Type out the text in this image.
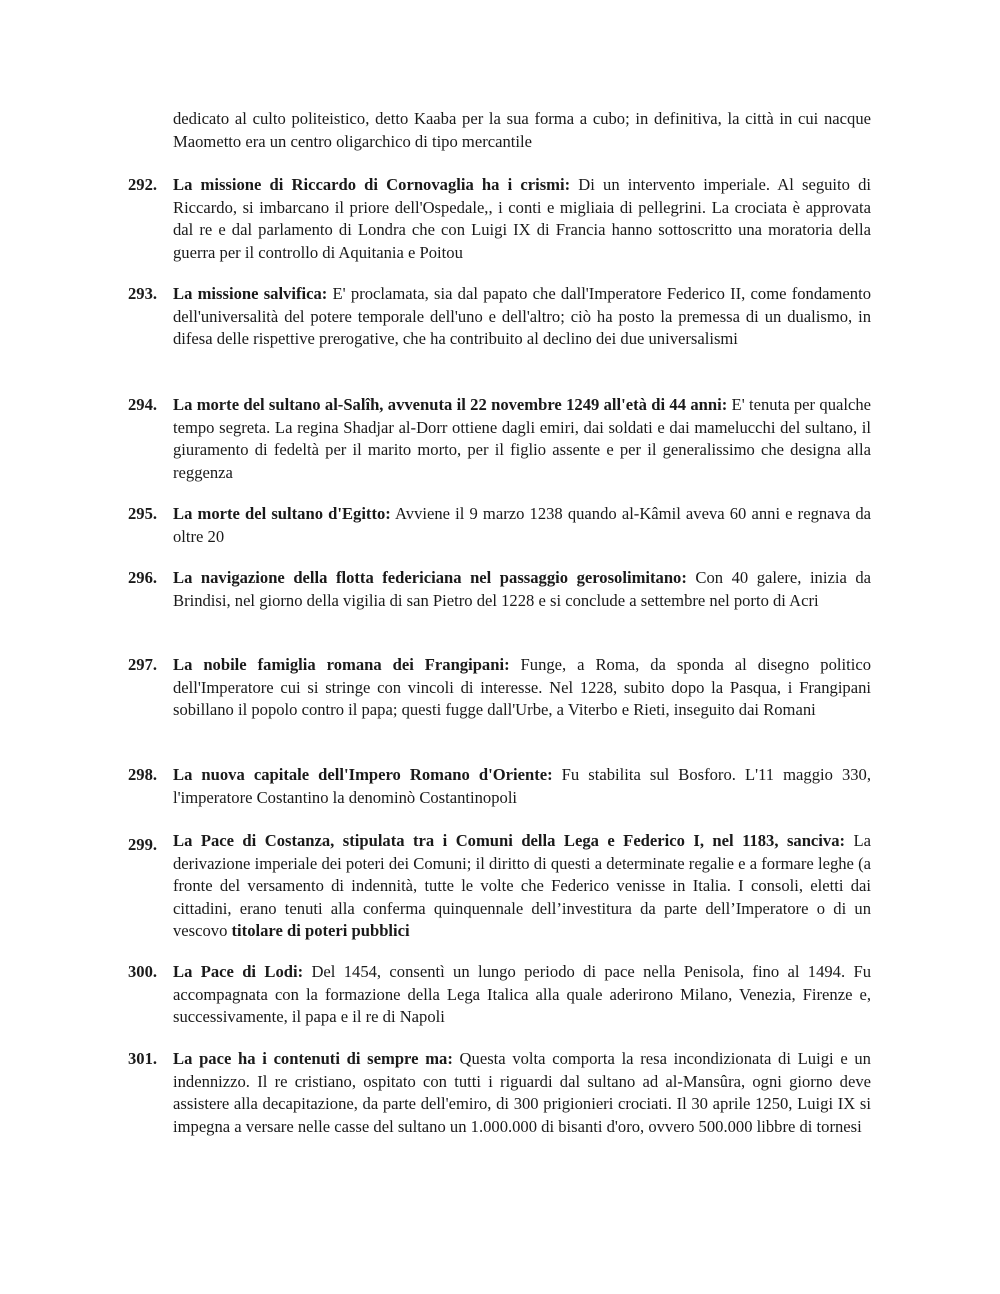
dedicato al culto politeistico, detto Kaaba per la sua forma a cubo; in definitiva, la città in cui nacque Maometto era un centro oligarchico di tipo mercantile
292. La missione di Riccardo di Cornovaglia ha i crismi: Di un intervento imperiale. Al seguito di Riccardo, si imbarcano il priore dell'Ospedale,, i conti e migliaia di pellegrini. La crociata è approvata dal re e dal parlamento di Londra che con Luigi IX di Francia hanno sottoscritto una moratoria della guerra per il controllo di Aquitania e Poitou
293. La missione salvifica: E' proclamata, sia dal papato che dall'Imperatore Federico II, come fondamento dell'universalità del potere temporale dell'uno e dell'altro; ciò ha posto la premessa di un dualismo, in difesa delle rispettive prerogative, che ha contribuito al declino dei due universalismi
294. La morte del sultano al-Salîh, avvenuta il 22 novembre 1249 all'età di 44 anni: E' tenuta per qualche tempo segreta. La regina Shadjar al-Dorr ottiene dagli emiri, dai soldati e dai mamelucchi del sultano, il giuramento di fedeltà per il marito morto, per il figlio assente e per il generalissimo che designa alla reggenza
295. La morte del sultano d'Egitto: Avviene il 9 marzo 1238 quando al-Kâmil aveva 60 anni e regnava da oltre 20
296. La navigazione della flotta federiciana nel passaggio gerosolimitano: Con 40 galere, inizia da Brindisi, nel giorno della vigilia di san Pietro del 1228 e si conclude a settembre nel porto di Acri
297. La nobile famiglia romana dei Frangipani: Funge, a Roma, da sponda al disegno politico dell'Imperatore cui si stringe con vincoli di interesse. Nel 1228, subito dopo la Pasqua, i Frangipani sobillano il popolo contro il papa; questi fugge dall'Urbe, a Viterbo e Rieti, inseguito dai Romani
298. La nuova capitale dell'Impero Romano d'Oriente: Fu stabilita sul Bosforo. L'11 maggio 330, l'imperatore Costantino la denominò Costantinopoli
299. La Pace di Costanza, stipulata tra i Comuni della Lega e Federico I, nel 1183, sanciva: La derivazione imperiale dei poteri dei Comuni; il diritto di questi a determinate regalie e a formare leghe (a fronte del versamento di indennità, tutte le volte che Federico venisse in Italia. I consoli, eletti dai cittadini, erano tenuti alla conferma quinquennale dell’investitura da parte dell’Imperatore o di un vescovo titolare di poteri pubblici
300. La Pace di Lodi: Del 1454, consentì un lungo periodo di pace nella Penisola, fino al 1494. Fu accompagnata con la formazione della Lega Italica alla quale aderirono Milano, Venezia, Firenze e, successivamente, il papa e il re di Napoli
301. La pace ha i contenuti di sempre ma: Questa volta comporta la resa incondizionata di Luigi e un indennizzo. Il re cristiano, ospitato con tutti i riguardi dal sultano ad al-Mansûra, ogni giorno deve assistere alla decapitazione, da parte dell'emiro, di 300 prigionieri crociati. Il 30 aprile 1250, Luigi IX si impegna a versare nelle casse del sultano un 1.000.000 di bisanti d'oro, ovvero 500.000 libbre di tornesi
